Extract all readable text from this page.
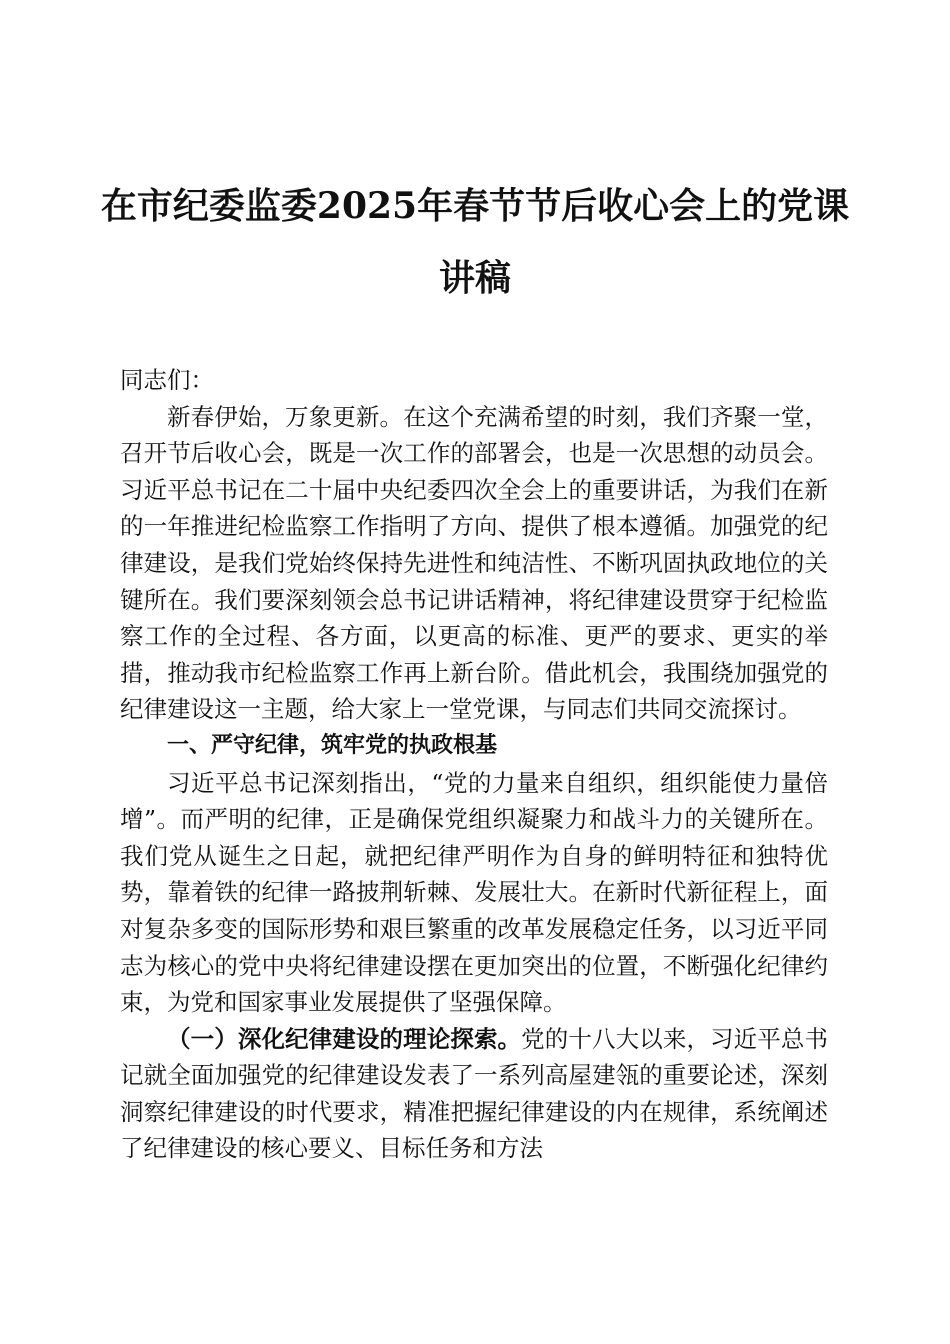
在市纪委监委2025年春节节后收心会上的党课讲稿

同志们：

新春伊始，万象更新。在这个充满希望的时刻，我们齐聚一堂，召开节后收心会，既是一次工作的部署会，也是一次思想的动员会。习近平总书记在二十届中央纪委四次全会上的重要讲话，为我们在新的一年推进纪检监察工作指明了方向、提供了根本遵循。加强党的纪律建设，是我们党始终保持先进性和纯洁性、不断巩固执政地位的关键所在。我们要深刻领会总书记讲话精神，将纪律建设贯穿于纪检监察工作的全过程、各方面，以更高的标准、更严的要求、更实的举措，推动我市纪检监察工作再上新台阶。借此机会，我围绕加强党的纪律建设这一主题，给大家上一堂党课，与同志们共同交流探讨。

一、严守纪律，筑牢党的执政根基

习近平总书记深刻指出，“党的力量来自组织，组织能使力量倍增”。而严明的纪律，正是确保党组织凝聚力和战斗力的关键所在。我们党从诞生之日起，就把纪律严明作为自身的鲜明特征和独特优势，靠着铁的纪律一路披荆斩棘、发展壮大。在新时代新征程上，面对复杂多变的国际形势和艰巨繁重的改革发展稳定任务，以习近平同志为核心的党中央将纪律建设摆在更加突出的位置，不断强化纪律约束，为党和国家事业发展提供了坚强保障。

（一）深化纪律建设的理论探索。党的十八大以来，习近平总书记就全面加强党的纪律建设发表了一系列高屋建瓴的重要论述，深刻洞察纪律建设的时代要求，精准把握纪律建设的内在规律，系统阐述了纪律建设的核心要义、目标任务和方法
